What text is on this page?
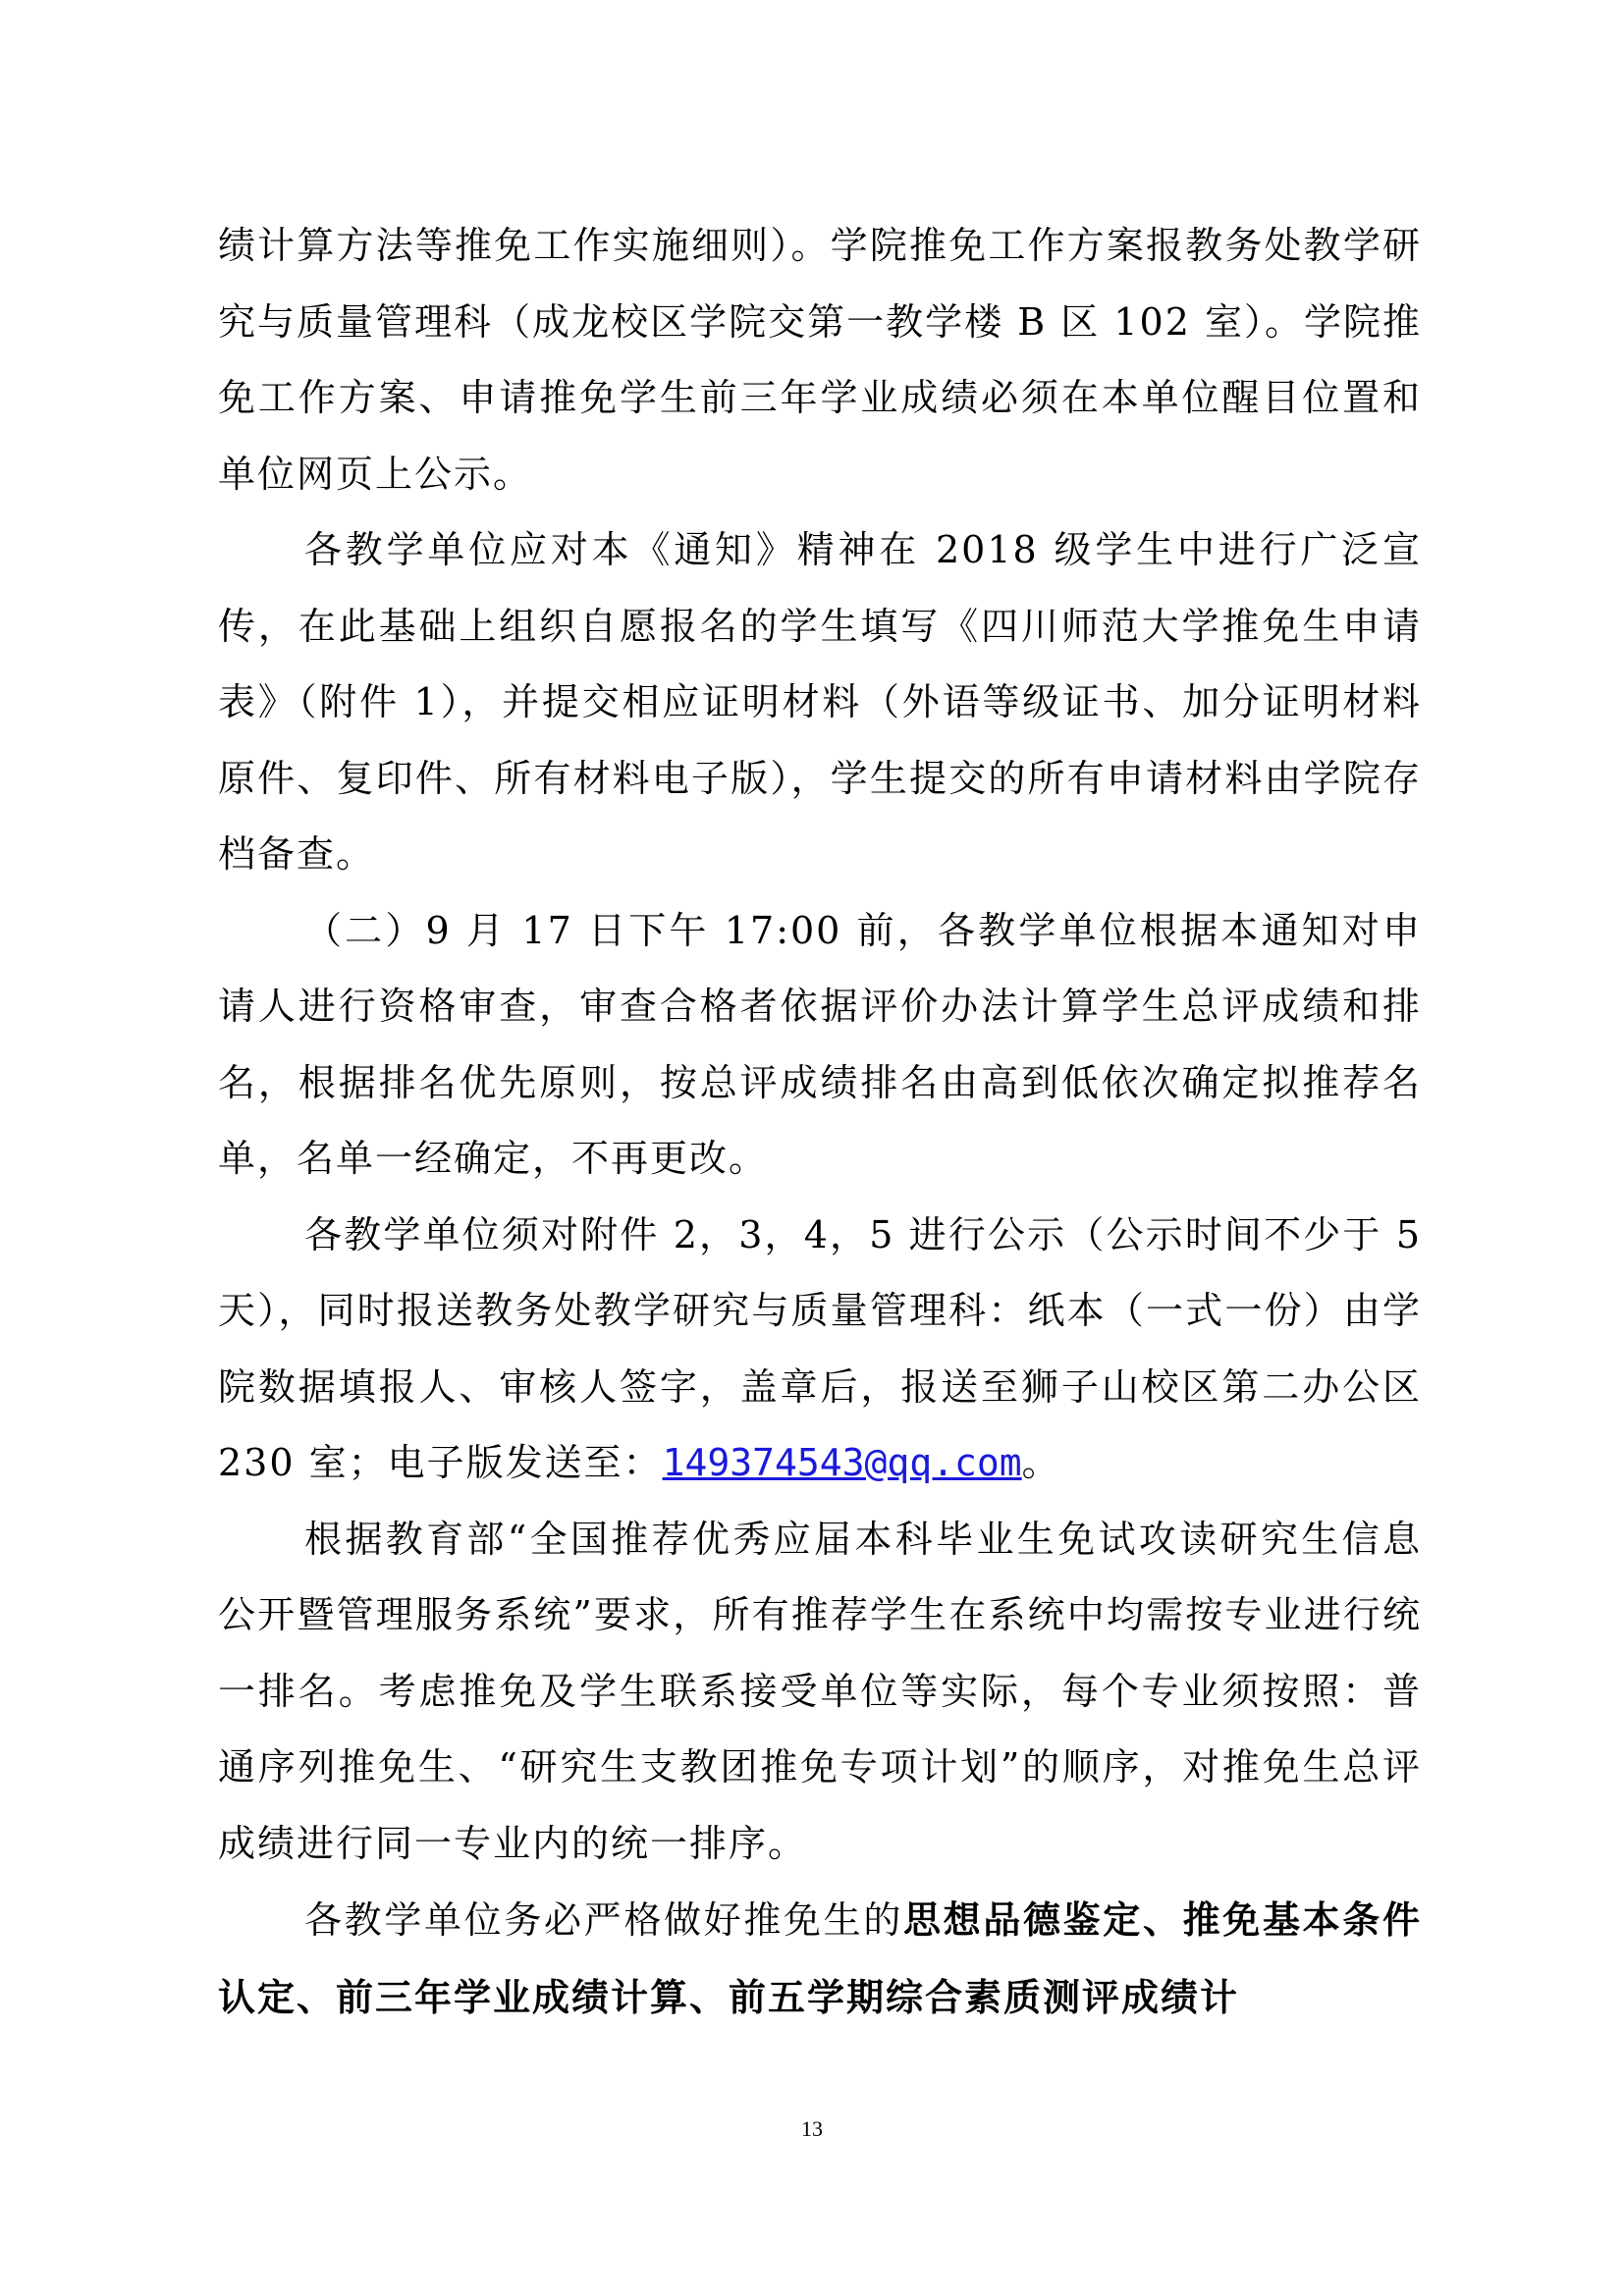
绩计算方法等推免工作实施细则）。学院推免工作方案报教务处教学研究与质量管理科（成龙校区学院交第一教学楼 B 区 102 室）。学院推免工作方案、申请推免学生前三年学业成绩必须在本单位醒目位置和单位网页上公示。

各教学单位应对本《通知》精神在 2018 级学生中进行广泛宣传，在此基础上组织自愿报名的学生填写《四川师范大学推免生申请表》（附件 1），并提交相应证明材料（外语等级证书、加分证明材料原件、复印件、所有材料电子版），学生提交的所有申请材料由学院存档备查。

（二）9 月 17 日下午 17:00 前，各教学单位根据本通知对申请人进行资格审查，审查合格者依据评价办法计算学生总评成绩和排名，根据排名优先原则，按总评成绩排名由高到低依次确定拟推荐名单，名单一经确定，不再更改。

各教学单位须对附件 2，3，4，5 进行公示（公示时间不少于 5 天），同时报送教务处教学研究与质量管理科：纸本（一式一份）由学院数据填报人、审核人签字，盖章后，报送至狮子山校区第二办公区 230 室；电子版发送至：149374543@qq.com。

根据教育部“全国推荐优秀应届本科毕业生免试攻读研究生信息公开暨管理服务系统”要求，所有推荐学生在系统中均需按专业进行统一排名。考虑推免及学生联系接受单位等实际，每个专业须按照：普通序列推免生、“研究生支教团推免专项计划”的顺序，对推免生总评成绩进行同一专业内的统一排序。

各教学单位务必严格做好推免生的思想品德鉴定、推免基本条件认定、前三年学业成绩计算、前五学期综合素质测评成绩计

13
